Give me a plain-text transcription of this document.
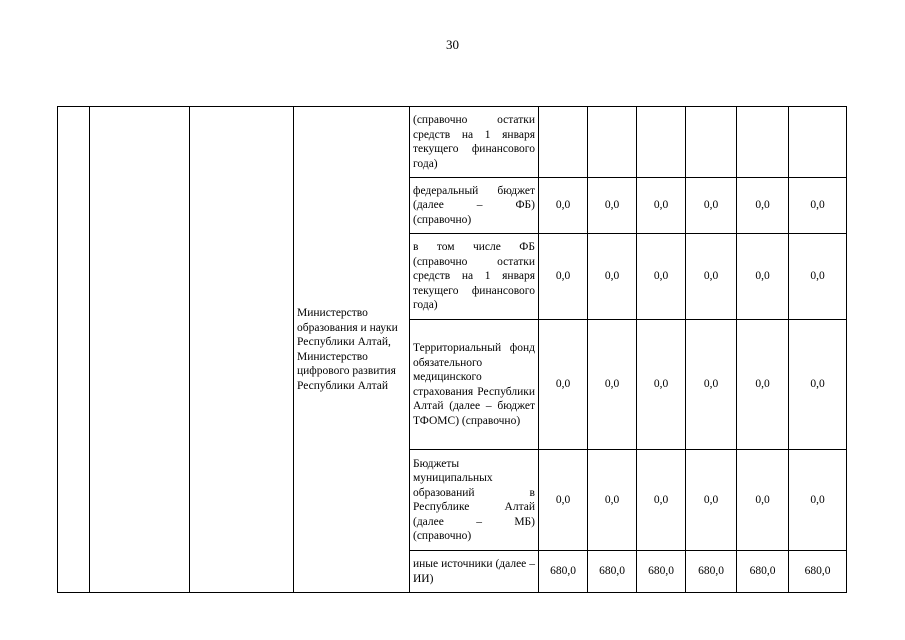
30
			Министерство образования и науки Республики Алтай, Министерство цифрового развития Республики Алтай	(справочно остатки средств на 1 января текущего финансового года)						
				федеральный бюджет (далее – ФБ) (справочно)	0,0	0,0	0,0	0,0	0,0	0,0
				в том числе ФБ (справочно остатки средств на 1 января текущего финансового года)	0,0	0,0	0,0	0,0	0,0	0,0
				Территориальный фонд обязательного медицинского страхования Республики Алтай (далее – бюджет ТФОМС) (справочно)	0,0	0,0	0,0	0,0	0,0	0,0
				Бюджеты муниципальных образований в Республике Алтай (далее – МБ) (справочно)	0,0	0,0	0,0	0,0	0,0	0,0
				иные источники (далее – ИИ)	680,0	680,0	680,0	680,0	680,0	680,0
